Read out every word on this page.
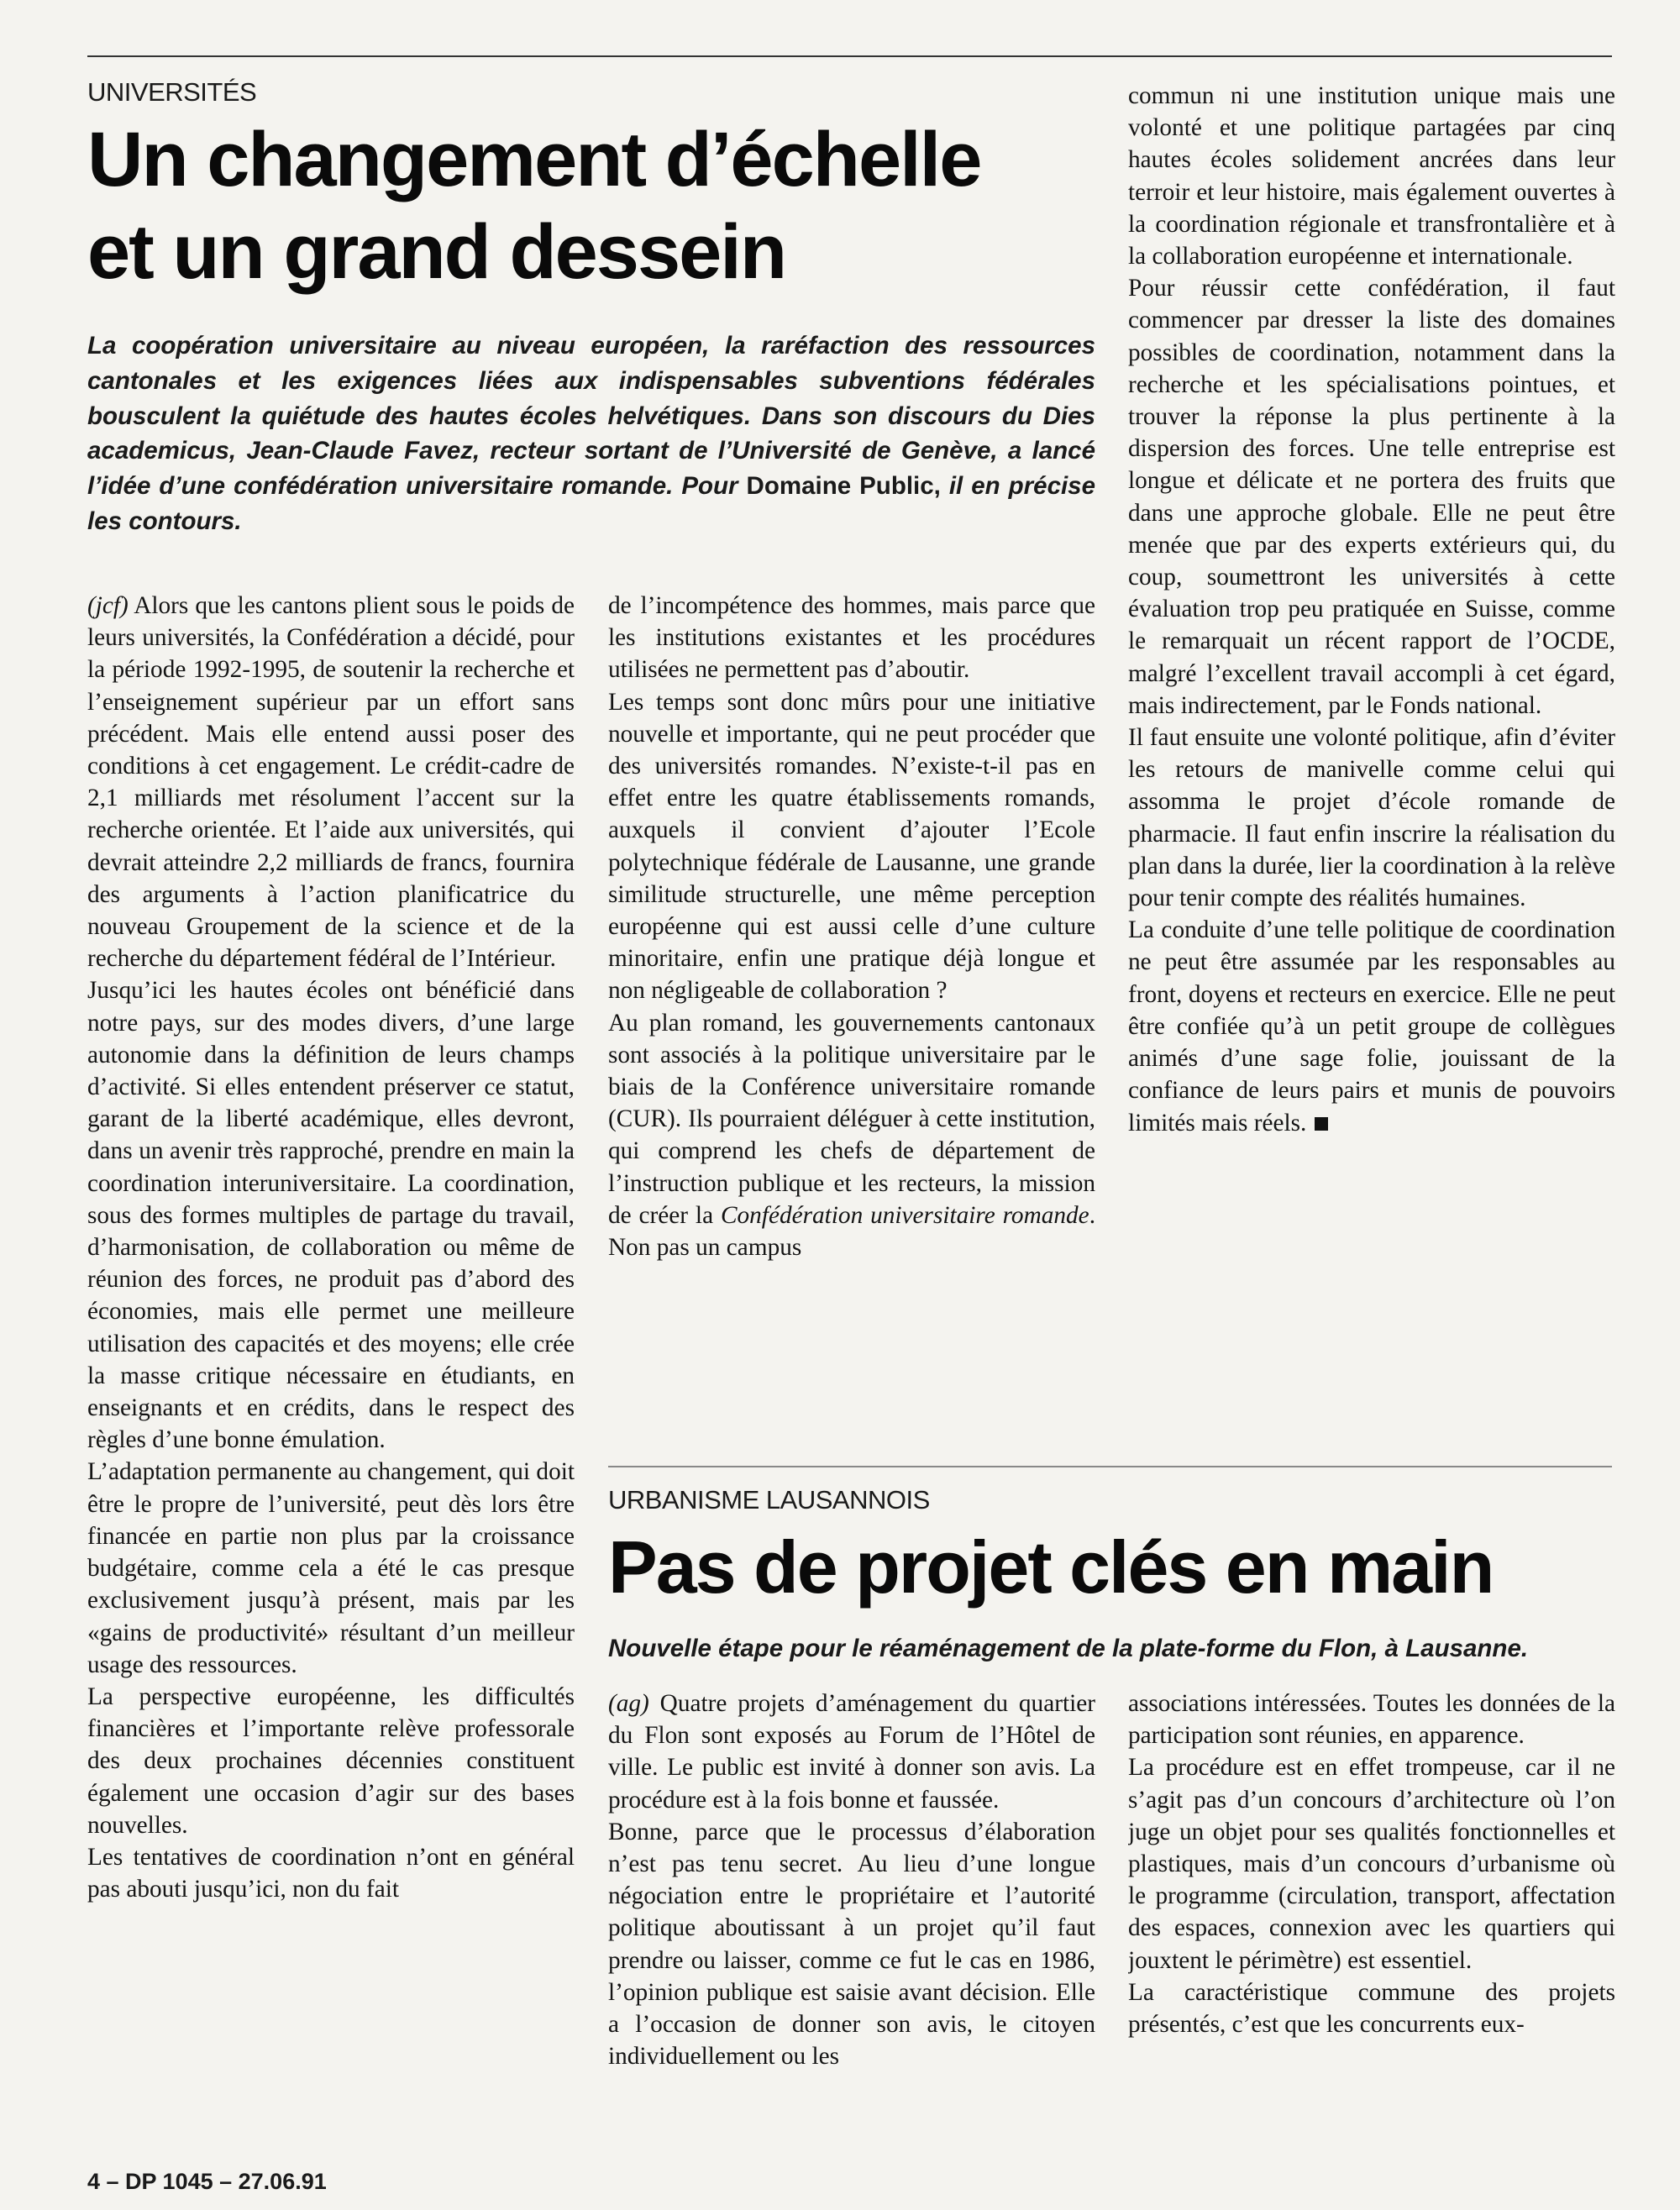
UNIVERSITÉS

Un changement d’échelle
et un grand dessein

La coopération universitaire au niveau européen, la raréfaction des ressources cantonales et les exigences liées aux indispensables subventions fédérales bousculent la quiétude des hautes écoles helvétiques. Dans son discours du Dies academicus, Jean-Claude Favez, recteur sortant de l’Université de Genève, a lancé l’idée d’une confédération universitaire romande. Pour Domaine Public, il en précise les contours.

(jcf) Alors que les cantons plient sous le poids de leurs universités, la Confédération a décidé, pour la période 1992-1995, de soutenir la recherche et l’enseignement supérieur par un effort sans précédent. Mais elle entend aussi poser des conditions à cet engagement. Le crédit-cadre de 2,1 milliards met résolument l’accent sur la recherche orientée. Et l’aide aux universités, qui devrait atteindre 2,2 milliards de francs, fournira des arguments à l’action planificatrice du nouveau Groupement de la science et de la recherche du département fédéral de l’Intérieur.

Jusqu’ici les hautes écoles ont bénéficié dans notre pays, sur des modes divers, d’une large autonomie dans la définition de leurs champs d’activité. Si elles entendent préserver ce statut, garant de la liberté académique, elles devront, dans un avenir très rapproché, prendre en main la coordination interuniversitaire. La coordination, sous des formes multiples de partage du travail, d’harmonisation, de collaboration ou même de réunion des forces, ne produit pas d’abord des économies, mais elle permet une meilleure utilisation des capacités et des moyens; elle crée la masse critique nécessaire en étudiants, en enseignants et en crédits, dans le respect des règles d’une bonne émulation.

L’adaptation permanente au changement, qui doit être le propre de l’université, peut dès lors être financée en partie non plus par la croissance budgétaire, comme cela a été le cas presque exclusivement jusqu’à présent, mais par les «gains de productivité» résultant d’un meilleur usage des ressources.

La perspective européenne, les difficultés financières et l’importante relève professorale des deux prochaines décennies constituent également une occasion d’agir sur des bases nouvelles.

Les tentatives de coordination n’ont en général pas abouti jusqu’ici, non du fait

de l’incompétence des hommes, mais parce que les institutions existantes et les procédures utilisées ne permettent pas d’aboutir.

Les temps sont donc mûrs pour une initiative nouvelle et importante, qui ne peut procéder que des universités romandes. N’existe-t-il pas en effet entre les quatre établissements romands, auxquels il convient d’ajouter l’Ecole polytechnique fédérale de Lausanne, une grande similitude structurelle, une même perception européenne qui est aussi celle d’une culture minoritaire, enfin une pratique déjà longue et non négligeable de collaboration ?

Au plan romand, les gouvernements cantonaux sont associés à la politique universitaire par le biais de la Conférence universitaire romande (CUR). Ils pourraient déléguer à cette institution, qui comprend les chefs de département de l’instruction publique et les recteurs, la mission de créer la Confédération universitaire romande. Non pas un campus

commun ni une institution unique mais une volonté et une politique partagées par cinq hautes écoles solidement ancrées dans leur terroir et leur histoire, mais également ouvertes à la coordination régionale et transfrontalière et à la collaboration européenne et internationale.

Pour réussir cette confédération, il faut commencer par dresser la liste des domaines possibles de coordination, notamment dans la recherche et les spécialisations pointues, et trouver la réponse la plus pertinente à la dispersion des forces. Une telle entreprise est longue et délicate et ne portera des fruits que dans une approche globale. Elle ne peut être menée que par des experts extérieurs qui, du coup, soumettront les universités à cette évaluation trop peu pratiquée en Suisse, comme le remarquait un récent rapport de l’OCDE, malgré l’excellent travail accompli à cet égard, mais indirectement, par le Fonds national.

Il faut ensuite une volonté politique, afin d’éviter les retours de manivelle comme celui qui assomma le projet d’école romande de pharmacie. Il faut enfin inscrire la réalisation du plan dans la durée, lier la coordination à la relève pour tenir compte des réalités humaines.

La conduite d’une telle politique de coordination ne peut être assumée par les responsables au front, doyens et recteurs en exercice. Elle ne peut être confiée qu’à un petit groupe de collègues animés d’une sage folie, jouissant de la confiance de leurs pairs et munis de pouvoirs limités mais réels.

URBANISME LAUSANNOIS

Pas de projet clés en main

Nouvelle étape pour le réaménagement de la plate-forme du Flon, à Lausanne.

(ag) Quatre projets d’aménagement du quartier du Flon sont exposés au Forum de l’Hôtel de ville. Le public est invité à donner son avis. La procédure est à la fois bonne et faussée.

Bonne, parce que le processus d’élaboration n’est pas tenu secret. Au lieu d’une longue négociation entre le propriétaire et l’autorité politique aboutissant à un projet qu’il faut prendre ou laisser, comme ce fut le cas en 1986, l’opinion publique est saisie avant décision. Elle a l’occasion de donner son avis, le citoyen individuellement ou les

associations intéressées. Toutes les données de la participation sont réunies, en apparence.

La procédure est en effet trompeuse, car il ne s’agit pas d’un concours d’architecture où l’on juge un objet pour ses qualités fonctionnelles et plastiques, mais d’un concours d’urbanisme où le programme (circulation, transport, affectation des espaces, connexion avec les quartiers qui jouxtent le périmètre) est essentiel.

La caractéristique commune des projets présentés, c’est que les concurrents eux-

4 – DP 1045 – 27.06.91
